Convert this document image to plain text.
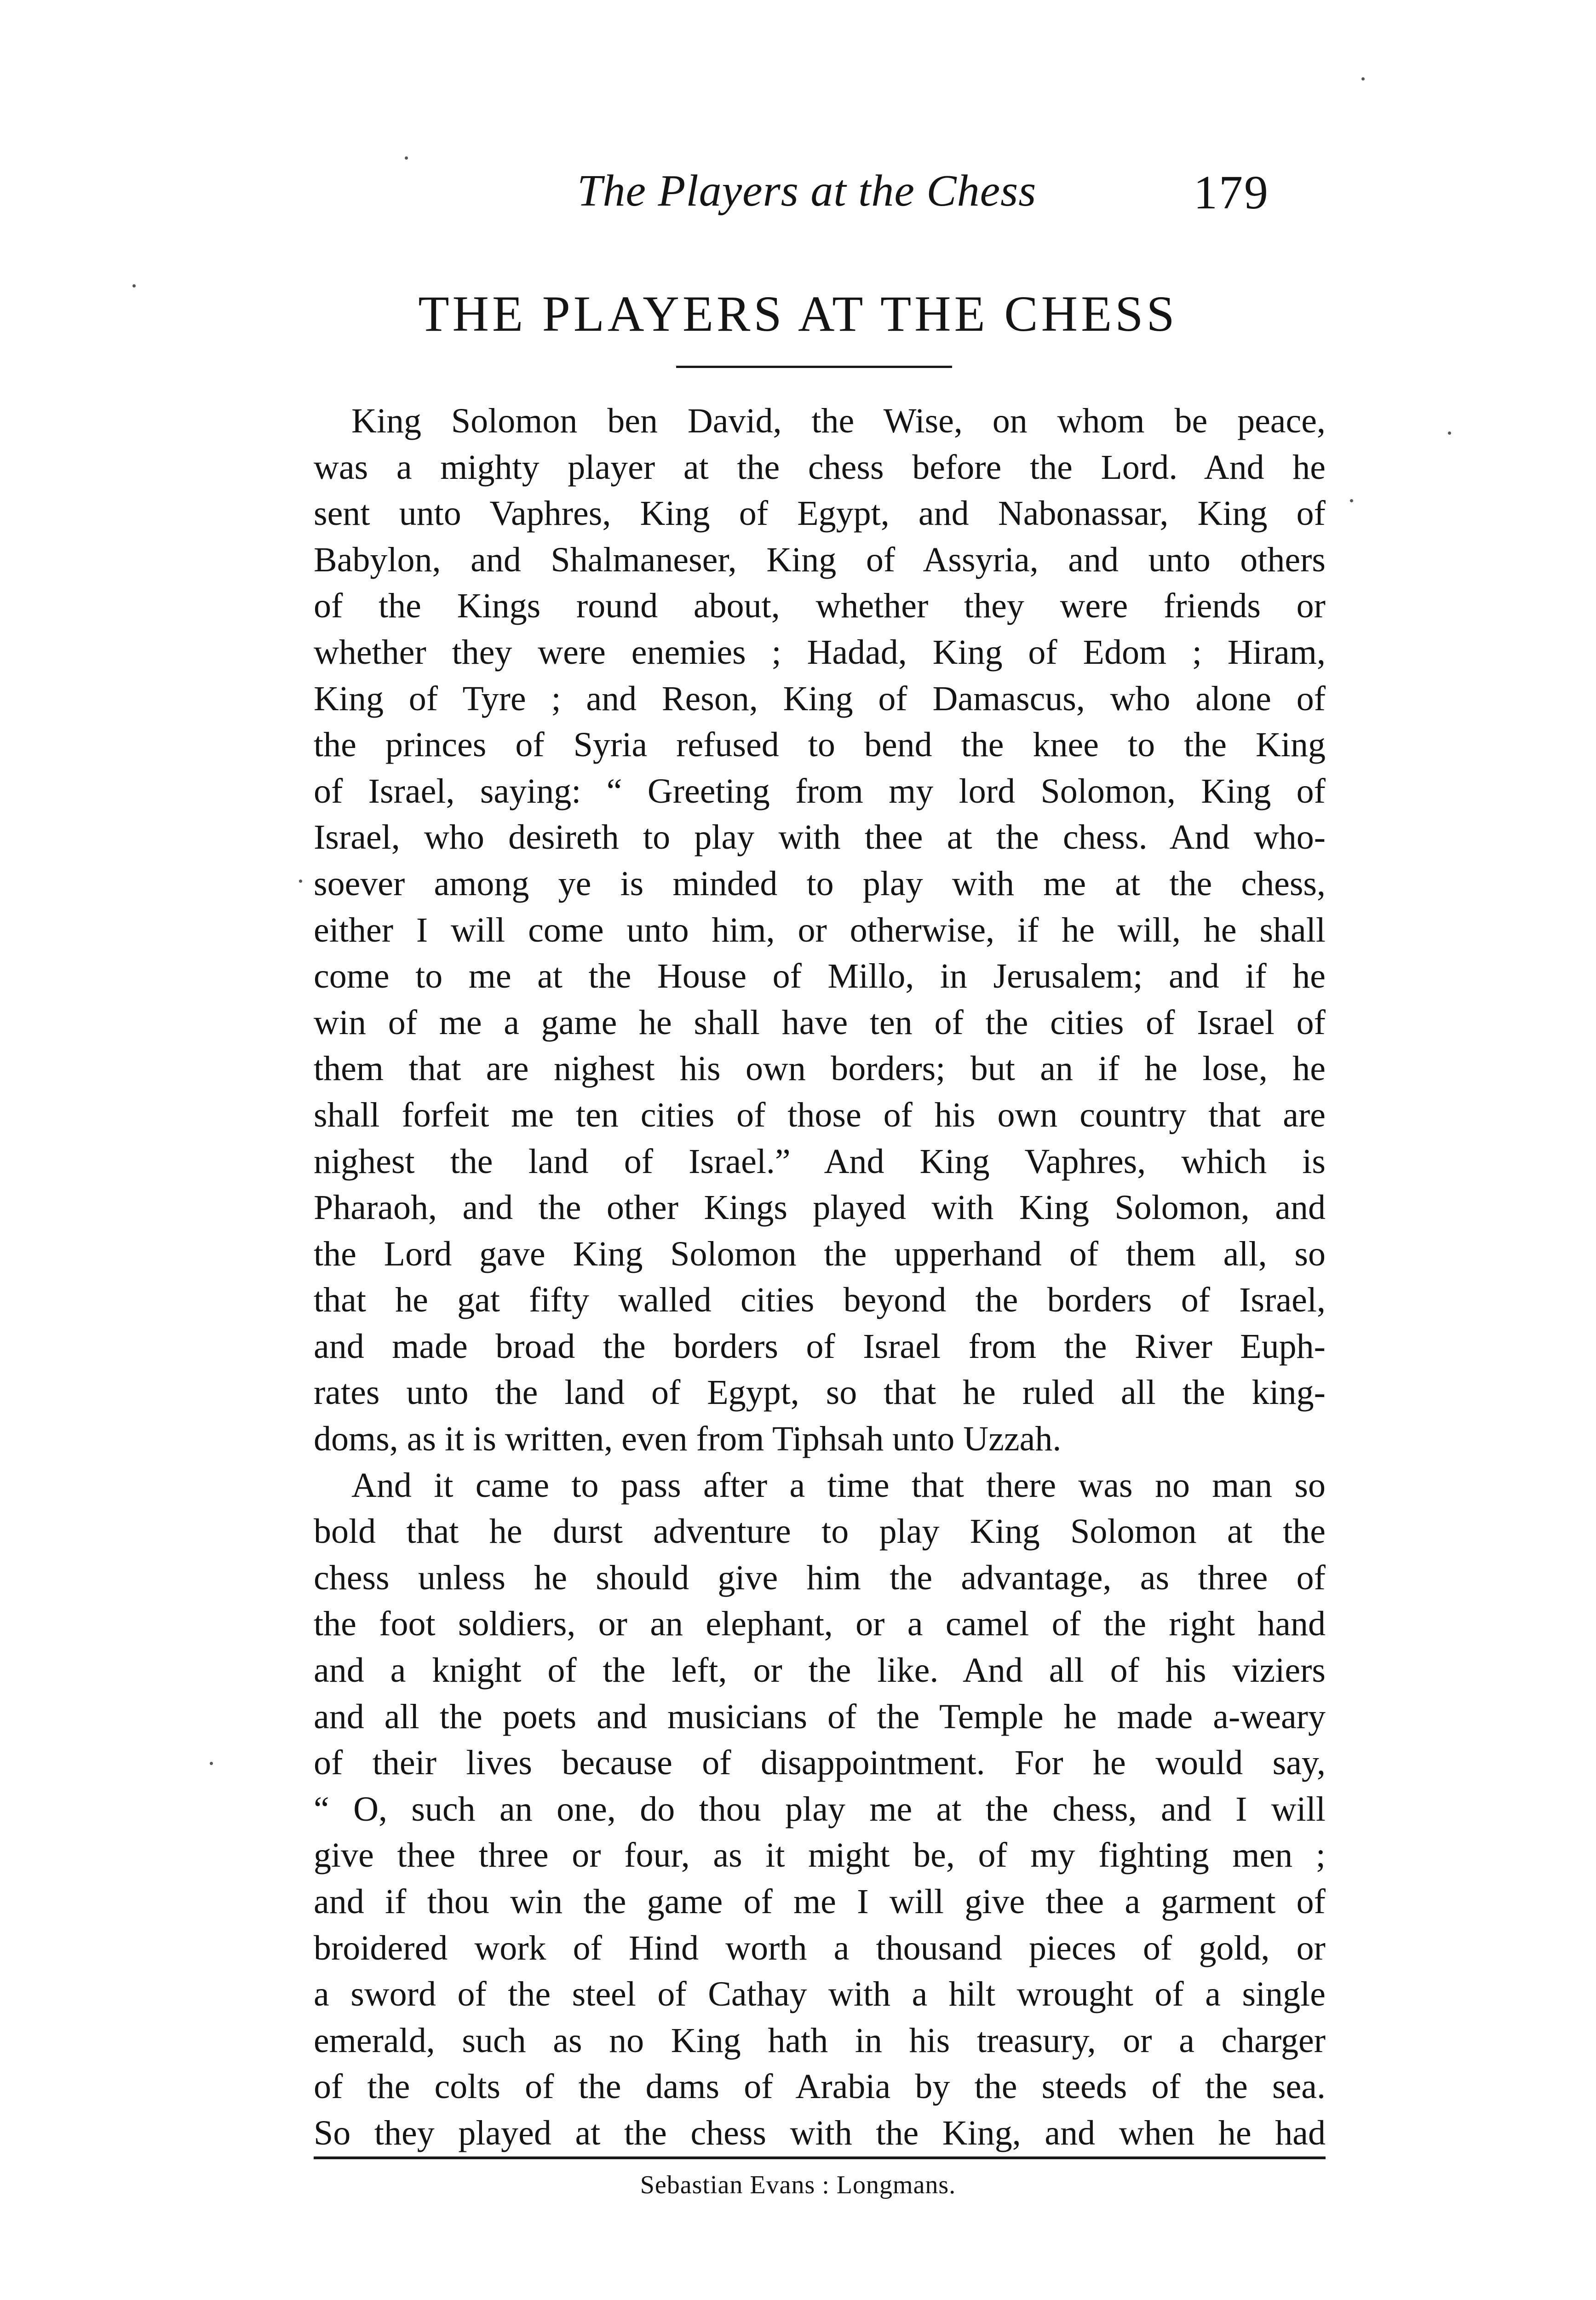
The Players at the Chess	179
THE PLAYERS AT THE CHESS
King Solomon ben David, the Wise, on whom be peace,
was a mighty player at the chess before the Lord. And he
sent unto Vaphres, King of Egypt, and Nabonassar, King of
Babylon, and Shalmaneser, King of Assyria, and unto others
of the Kings round about, whether they were friends or
whether they were enemies ; Hadad, King of Edom ; Hiram,
King of Tyre ; and Reson, King of Damascus, who alone of
the princes of Syria refused to bend the knee to the King
of Israel, saying: “ Greeting from my lord Solomon, King of
Israel, who desireth to play with thee at the chess. And who-
soever among ye is minded to play with me at the chess,
either I will come unto him, or otherwise, if he will, he shall
come to me at the House of Millo, in Jerusalem; and if he
win of me a game he shall have ten of the cities of Israel of
them that are nighest his own borders; but an if he lose, he
shall forfeit me ten cities of those of his own country that are
nighest the land of Israel.” And King Vaphres, which is
Pharaoh, and the other Kings played with King Solomon, and
the Lord gave King Solomon the upperhand of them all, so
that he gat fifty walled cities beyond the borders of Israel,
and made broad the borders of Israel from the River Euph-
rates unto the land of Egypt, so that he ruled all the king-
doms, as it is written, even from Tiphsah unto Uzzah.
And it came to pass after a time that there was no man so
bold that he durst adventure to play King Solomon at the
chess unless he should give him the advantage, as three of
the foot soldiers, or an elephant, or a camel of the right hand
and a knight of the left, or the like. And all of his viziers
and all the poets and musicians of the Temple he made a-weary
of their lives because of disappointment. For he would say,
“ O, such an one, do thou play me at the chess, and I will
give thee three or four, as it might be, of my fighting men ;
and if thou win the game of me I will give thee a garment of
broidered work of Hind worth a thousand pieces of gold, or
a sword of the steel of Cathay with a hilt wrought of a single
emerald, such as no King hath in his treasury, or a charger
of the colts of the dams of Arabia by the steeds of the sea.
So they played at the chess with the King, and when he had
Sebastian Evans : Longmans.
